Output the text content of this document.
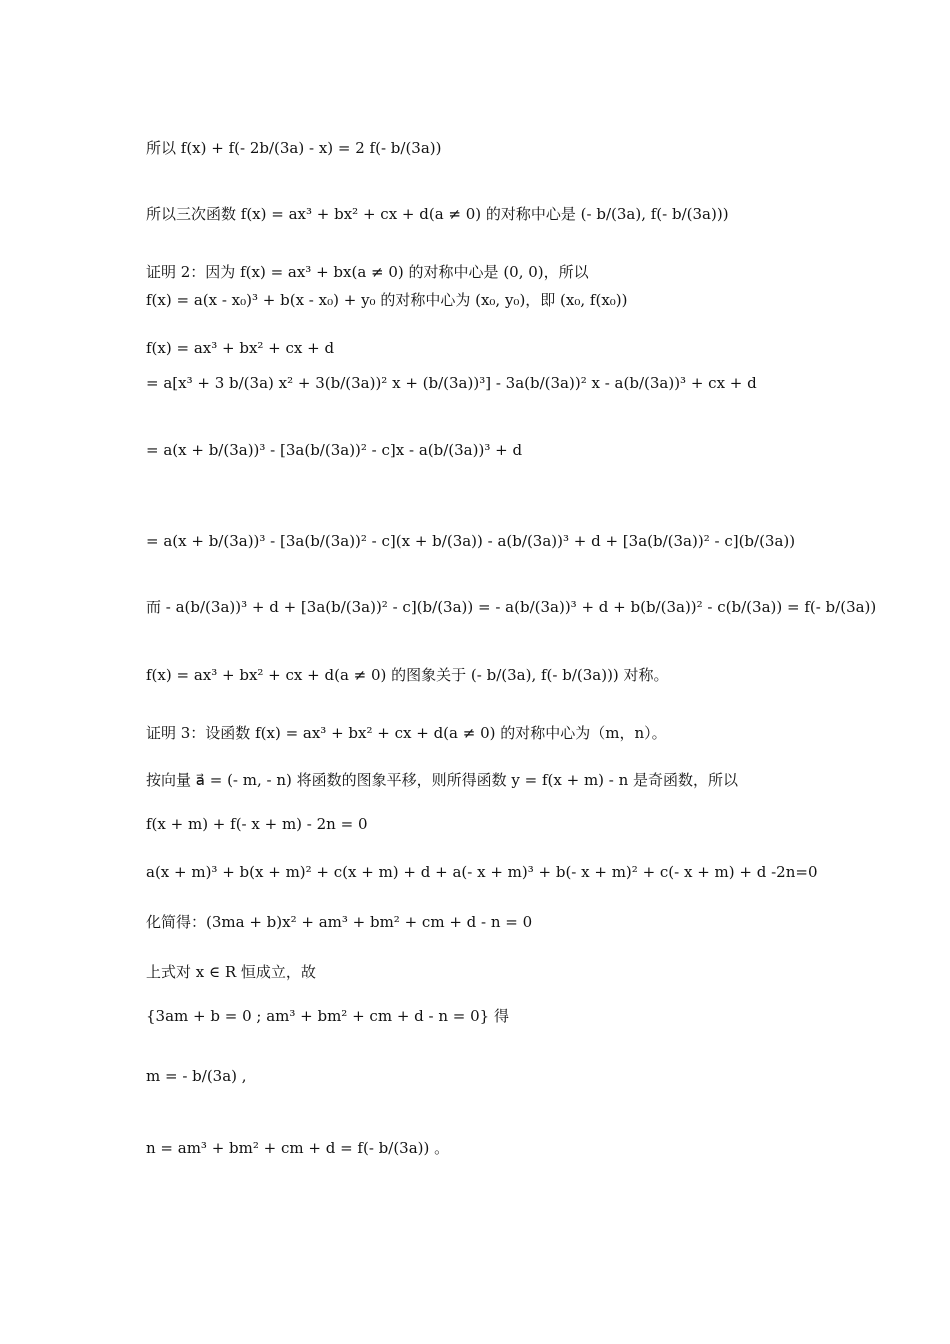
所以 f(x) + f(- 2b/(3a) - x) = 2 f(- b/(3a))
所以三次函数 f(x) = ax³ + bx² + cx + d(a ≠ 0) 的对称中心是 (- b/(3a), f(- b/(3a)))
证明 2：因为 f(x) = ax³ + bx(a ≠ 0) 的对称中心是 (0, 0)，所以
f(x) = a(x - x₀)³ + b(x - x₀) + y₀ 的对称中心为 (x₀, y₀)，即 (x₀, f(x₀))
f(x) = ax³ + bx² + cx + d
= a[x³ + 3 b/(3a) x² + 3(b/(3a))² x + (b/(3a))³] - 3a(b/(3a))² x - a(b/(3a))³ + cx + d
= a(x + b/(3a))³ - [3a(b/(3a))² - c]x - a(b/(3a))³ + d
= a(x + b/(3a))³ - [3a(b/(3a))² - c](x + b/(3a)) - a(b/(3a))³ + d + [3a(b/(3a))² - c](b/(3a))
而 - a(b/(3a))³ + d + [3a(b/(3a))² - c](b/(3a)) = - a(b/(3a))³ + d + b(b/(3a))² - c(b/(3a)) = f(- b/(3a))
f(x) = ax³ + bx² + cx + d(a ≠ 0) 的图象关于 (- b/(3a), f(- b/(3a))) 对称。
证明 3：设函数 f(x) = ax³ + bx² + cx + d(a ≠ 0) 的对称中心为（m，n）。
按向量 a⃗ = (- m, - n) 将函数的图象平移，则所得函数 y = f(x + m) - n 是奇函数，所以
f(x + m) + f(- x + m) - 2n = 0
a(x + m)³ + b(x + m)² + c(x + m) + d + a(- x + m)³ + b(- x + m)² + c(- x + m) + d -2n=0
化简得：(3ma + b)x² + am³ + bm² + cm + d - n = 0
上式对 x ∈ R 恒成立，故
{3am + b = 0 ; am³ + bm² + cm + d - n = 0} 得
m = - b/(3a) ,
n = am³ + bm² + cm + d = f(- b/(3a)) 。
